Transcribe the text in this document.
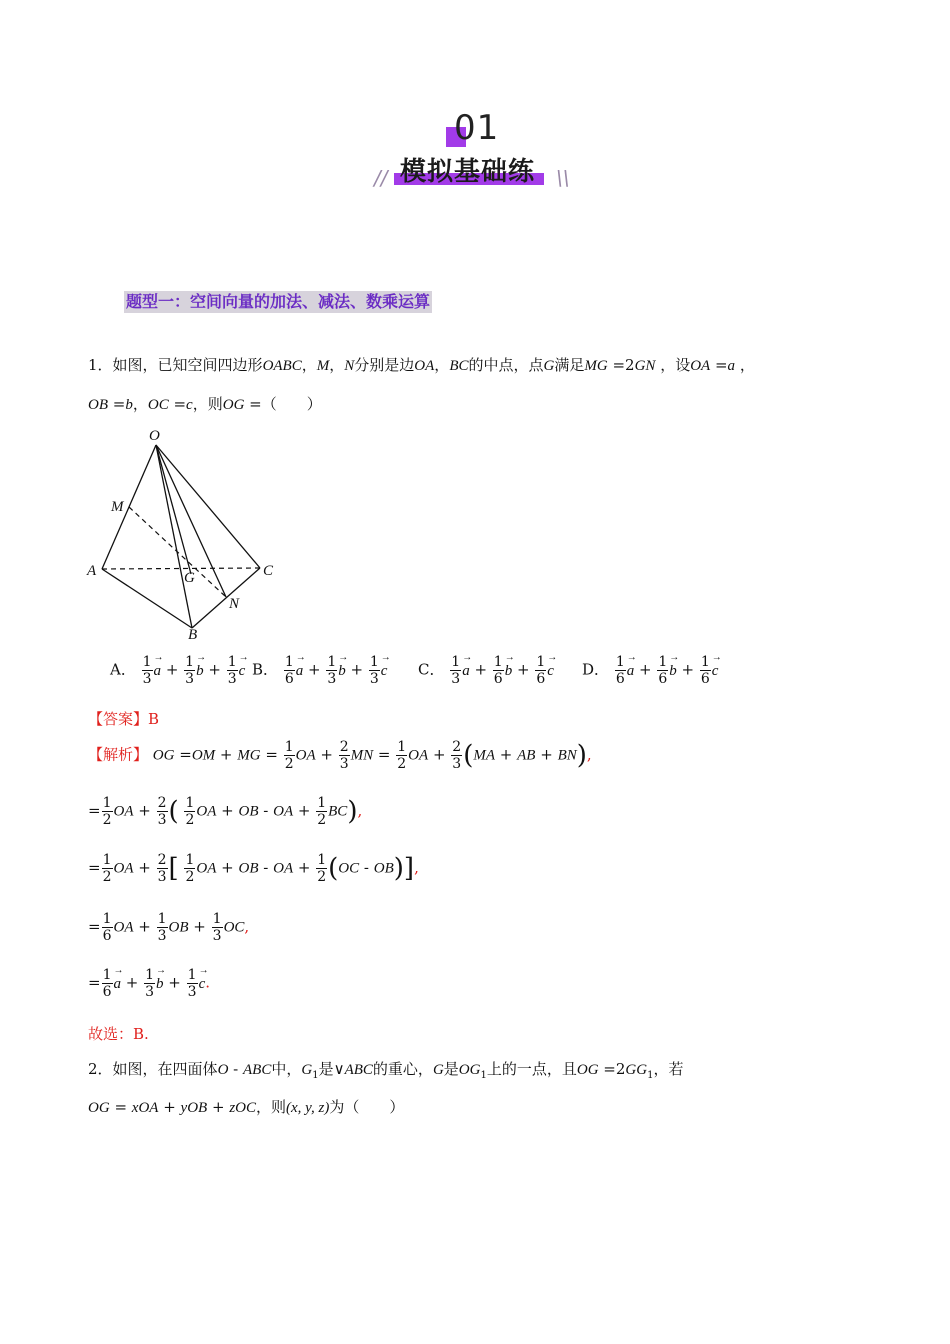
01
模拟基础练
//	\\
题型一：空间向量的加法、减法、数乘运算
1．如图，已知空间四边形OABC，M，N分别是边OA，BC的中点，点G满足MG =2GN ，设OA =a ，
OB =b，OC =c，则OG =（　　）
O
M
A	G	C
N
B
A． $\frac{1}{3}$
→ $a + \frac{1}{3}$
→ $b + \frac{1}{3}$
→ c B． $\frac{1}{6}$
→ $a + \frac{1}{3}$
→ $b + \frac{1}{3}$
→ c C． $\frac{1}{3}$
→ $a + \frac{1}{6}$
→ $b + \frac{1}{6}$
→ c D． $\frac{1}{6}$
→ $a + \frac{1}{6}$
→ $b + \frac{1}{6}$
→ c
【答案】B
【解析】 OG =OM + MG = $\frac{1}{2}$ OA + $\frac{2}{3}$ MN = $\frac{1}{2}$ OA + $\frac{2}{3} (MA$ + AB + BN),
= $\frac{1}{2}$ OA + $\frac{2}{3}$ ( $\frac{1}{2}$ OA + OB - OA + $\frac{1}{2} BC$),
= $\frac{1}{2}$ OA + $\frac{2}{3}$ [ $\frac{1}{2}$ OA + OB - OA + $\frac{1}{2} (OC - OB)$],
= $\frac{1}{6}$ OA + $\frac{1}{3}$ OB + $\frac{1}{3}$ OC,
= $\frac{1}{6}$
→ $a + \frac{1}{3}$
→ $b + \frac{1}{3}$
→ c.
故选：B.
2．如图，在四面体O - ABC中，$G_1$是∨ABC的重心，G是$OG_1$上的一点，且OG $=2GG_1$，若
OG = xOA + yOB + zOC，则(x, y, z)为（　　）
